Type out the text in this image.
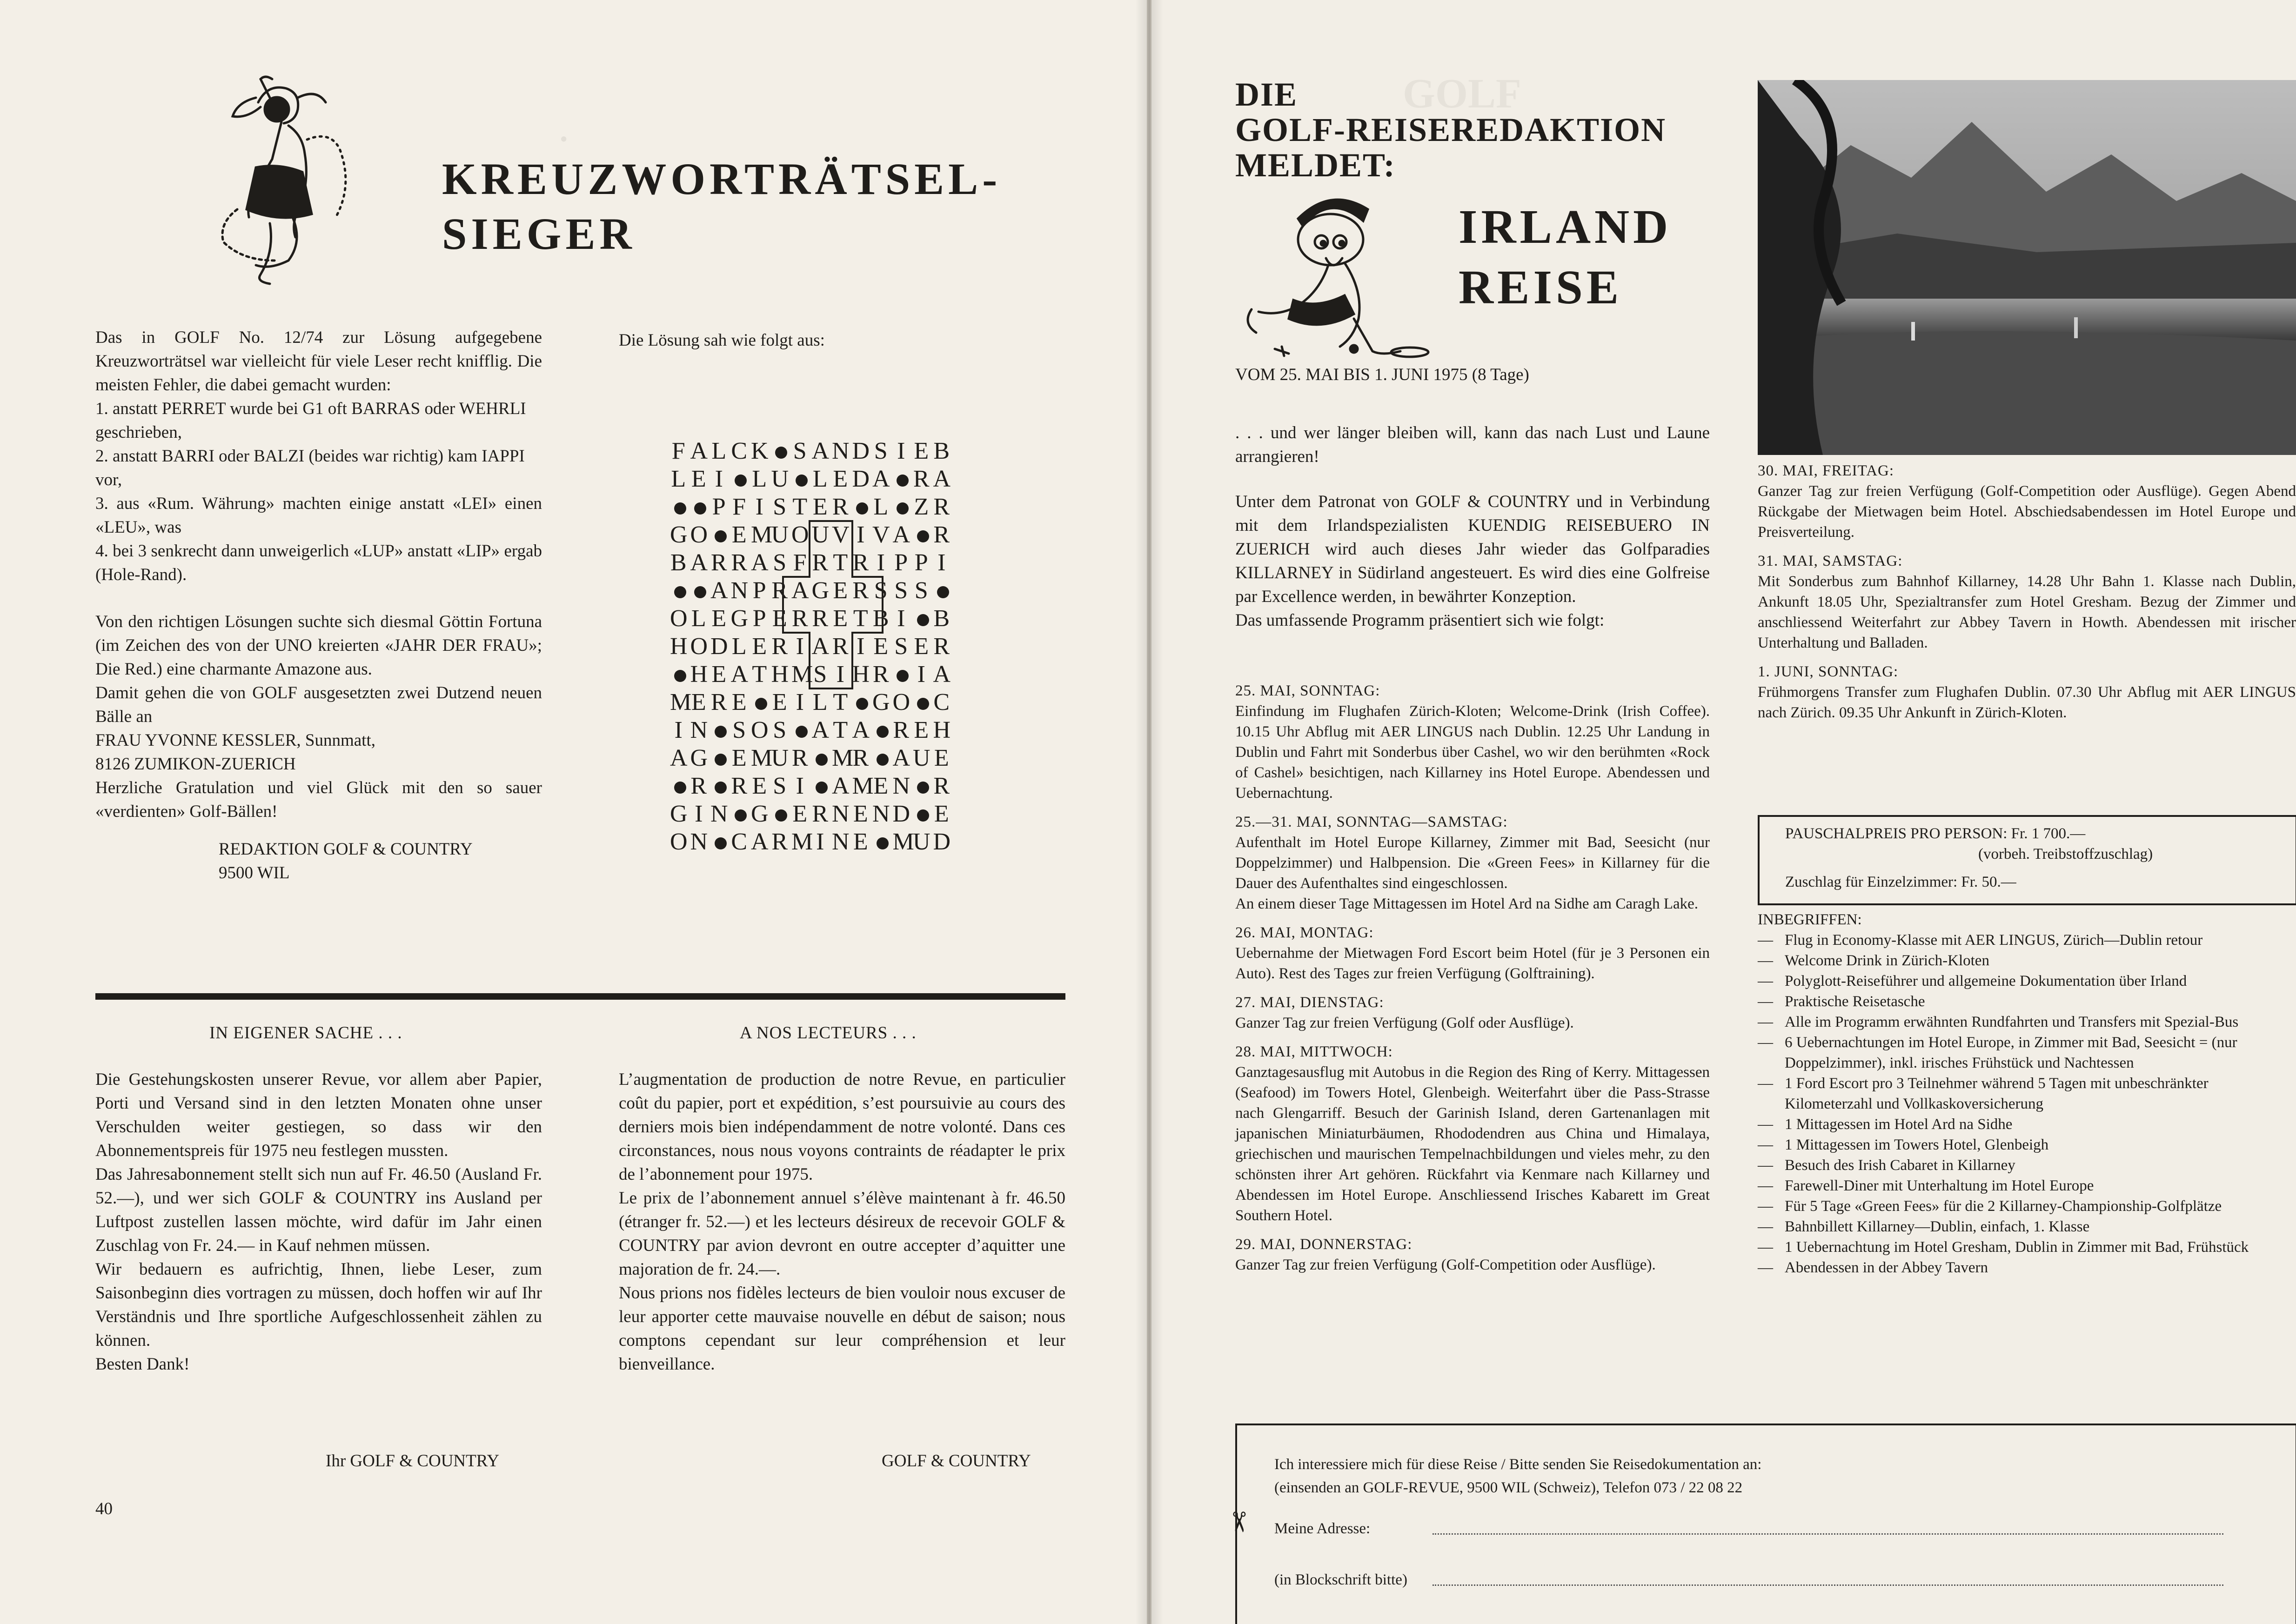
·
KREUZWORTRÄTSEL-
SIEGER

Das in GOLF No. 12/74 zur Lösung aufgegebene Kreuzworträtsel war vielleicht für viele Leser recht knifflig. Die meisten Fehler, die dabei gemacht wurden:

1. anstatt PERRET wurde bei G1 oft BARRAS oder WEHRLI geschrieben,

2. anstatt BARRI oder BALZI (beides war richtig) kam IAPPI vor,

3. aus «Rum. Währung» machten einige anstatt «LEI» einen «LEU», was

4. bei 3 senkrecht dann unweigerlich «LUP» anstatt «LIP» ergab (Hole-Rand).

Von den richtigen Lösungen suchte sich diesmal Göttin Fortuna (im Zeichen des von der UNO kreierten «JAHR DER FRAU»; Die Red.) eine charmante Amazone aus.

Damit gehen die von GOLF ausgesetzten zwei Dutzend neuen Bälle an

FRAU YVONNE KESSLER, Sunnmatt,

8126 ZUMIKON-ZUERICH

Herzliche Gratulation und viel Glück mit den so sauer «verdienten» Golf-Bällen!

REDAKTION GOLF & COUNTRY

9500 WIL

Die Lösung sah wie folgt aus:
F A L C K S A
N
D S I E B
L E I L U L E D
A R A
P F I S T E R L Z R
G
O E M
U
O
U
V I V
A R
B A R R A S F R T R I P P I
A
N P R A
G E R S S S
O L E G P E R R E T B I B
H
O
D L E R I A R I E S E R
H E A T H
M
S I H R I A
M
E R E E I L T G
O C
I N S O S A T A R E H
A
G E M
U R M
R A
U E
R R E S I A
M
E N R
G I N G E R N E N
D E
O
N C A R M I N E M
U
D
IN EIGENER SACHE . . .
Die Gestehungskosten unserer Revue, vor allem aber Papier, Porti und Versand sind in den letzten Monaten ohne unser Verschulden weiter gestiegen, so dass wir den Abonnementspreis für 1975 neu festlegen mussten.
Das Jahresabonnement stellt sich nun auf Fr. 46.50 (Ausland Fr. 52.—), und wer sich GOLF & COUNTRY ins Ausland per Luftpost zustellen lassen möchte, wird dafür im Jahr einen Zuschlag von Fr. 24.— in Kauf nehmen müssen.
Wir bedauern es aufrichtig, Ihnen, liebe Leser, zum Saisonbeginn dies vortragen zu müssen, doch hoffen wir auf Ihr Verständnis und Ihre sportliche Aufgeschlossenheit zählen zu können.
Besten Dank!
Ihr GOLF & COUNTRY
A NOS LECTEURS . . .
L’augmentation de production de notre Revue, en particulier coût du papier, port et expédition, s’est poursuivie au cours des derniers mois bien indépendamment de notre volonté. Dans ces circonstances, nous nous voyons contraints de réadapter le prix de l’abonnement pour 1975.
Le prix de l’abonnement annuel s’élève maintenant à fr. 46.50 (étranger fr. 52.—) et les lecteurs désireux de recevoir GOLF & COUNTRY par avion devront en outre accepter d’aquitter une majoration de fr. 24.—.
Nous prions nos fidèles lecteurs de bien vouloir nous excuser de leur apporter cette mauvaise nouvelle en début de saison; nous comptons cependant sur leur compréhension et leur bienveillance.
GOLF & COUNTRY
40
GOLF
DIE
GOLF-REISEREDAKTION
MELDET:
IRLAND
REISE
VOM 25. MAI BIS 1. JUNI 1975 (8 Tage)
. . . und wer länger bleiben will, kann das nach Lust und Laune arrangieren!
Unter dem Patronat von GOLF & COUNTRY und in Verbindung mit dem Irlandspezialisten KUENDIG REISEBUERO IN ZUERICH wird auch dieses Jahr wieder das Golfparadies KILLARNEY in Südirland angesteuert. Es wird dies eine Golfreise par Excellence werden, in bewährter Konzeption.
Das umfassende Programm präsentiert sich wie folgt:
25. MAI, SONNTAG:
Einfindung im Flughafen Zürich-Kloten; Welcome-Drink (Irish Coffee). 10.15 Uhr Abflug mit AER LINGUS nach Dublin. 12.25 Uhr Landung in Dublin und Fahrt mit Sonderbus über Cashel, wo wir den berühmten «Rock of Cashel» besichtigen, nach Killarney ins Hotel Europe. Abendessen und Uebernachtung.
25.—31. MAI, SONNTAG—SAMSTAG:
Aufenthalt im Hotel Europe Killarney, Zimmer mit Bad, Seesicht (nur Doppelzimmer) und Halbpension. Die «Green Fees» in Killarney für die Dauer des Aufenthaltes sind eingeschlossen.
An einem dieser Tage Mittagessen im Hotel Ard na Sidhe am Caragh Lake.
26. MAI, MONTAG:
Uebernahme der Mietwagen Ford Escort beim Hotel (für je 3 Personen ein Auto). Rest des Tages zur freien Verfügung (Golftraining).
27. MAI, DIENSTAG:
Ganzer Tag zur freien Verfügung (Golf oder Ausflüge).
28. MAI, MITTWOCH:
Ganztagesausflug mit Autobus in die Region des Ring of Kerry. Mittagessen (Seafood) im Towers Hotel, Glenbeigh. Weiterfahrt über die Pass-Strasse nach Glengarriff. Besuch der Garinish Island, deren Gartenanlagen mit japanischen Miniaturbäumen, Rhododendren aus China und Himalaya, griechischen und maurischen Tempelnachbildungen und vieles mehr, zu den schönsten ihrer Art gehören. Rückfahrt via Kenmare nach Killarney und Abendessen im Hotel Europe. Anschliessend Irisches Kabarett im Great Southern Hotel.
29. MAI, DONNERSTAG:
Ganzer Tag zur freien Verfügung (Golf-Competition oder Ausflüge).
30. MAI, FREITAG:
Ganzer Tag zur freien Verfügung (Golf-Competition oder Ausflüge). Gegen Abend Rückgabe der Mietwagen beim Hotel. Abschiedsabendessen im Hotel Europe und Preisverteilung.
31. MAI, SAMSTAG:
Mit Sonderbus zum Bahnhof Killarney, 14.28 Uhr Bahn 1. Klasse nach Dublin, Ankunft 18.05 Uhr, Spezialtransfer zum Hotel Gresham. Bezug der Zimmer und anschliessend Weiterfahrt zur Abbey Tavern in Howth. Abendessen mit irischer Unterhaltung und Balladen.
1. JUNI, SONNTAG:
Frühmorgens Transfer zum Flughafen Dublin. 07.30 Uhr Abflug mit AER LINGUS nach Zürich. 09.35 Uhr Ankunft in Zürich-Kloten.
PAUSCHALPREIS PRO PERSON: Fr. 1 700.—
(vorbeh. Treibstoffzuschlag)
Zuschlag für Einzelzimmer: Fr. 50.—
INBEGRIFFEN:
— Flug in Economy-Klasse mit AER LINGUS, Zürich—Dublin retour
— Welcome Drink in Zürich-Kloten
— Polyglott-Reiseführer und allgemeine Dokumentation über Irland
— Praktische Reisetasche
— Alle im Programm erwähnten Rundfahrten und Transfers mit Spezial-Bus
— 6 Uebernachtungen im Hotel Europe, in Zimmer mit Bad, Seesicht = (nur Doppelzimmer), inkl. irisches Frühstück und Nachtessen
— 1 Ford Escort pro 3 Teilnehmer während 5 Tagen mit unbeschränkter Kilometerzahl und Vollkaskoversicherung
— 1 Mittagessen im Hotel Ard na Sidhe
— 1 Mittagessen im Towers Hotel, Glenbeigh
— Besuch des Irish Cabaret in Killarney
— Farewell-Diner mit Unterhaltung im Hotel Europe
— Für 5 Tage «Green Fees» für die 2 Killarney-Championship-Golfplätze
— Bahnbillett Killarney—Dublin, einfach, 1. Klasse
— 1 Uebernachtung im Hotel Gresham, Dublin in Zimmer mit Bad, Frühstück
— Abendessen in der Abbey Tavern
Ich interessiere mich für diese Reise / Bitte senden Sie Reisedokumentation an:
(einsenden an GOLF-REVUE, 9500 WIL (Schweiz), Telefon 073 / 22 08 22
✂ Meine Adresse:
(in Blockschrift bitte)
